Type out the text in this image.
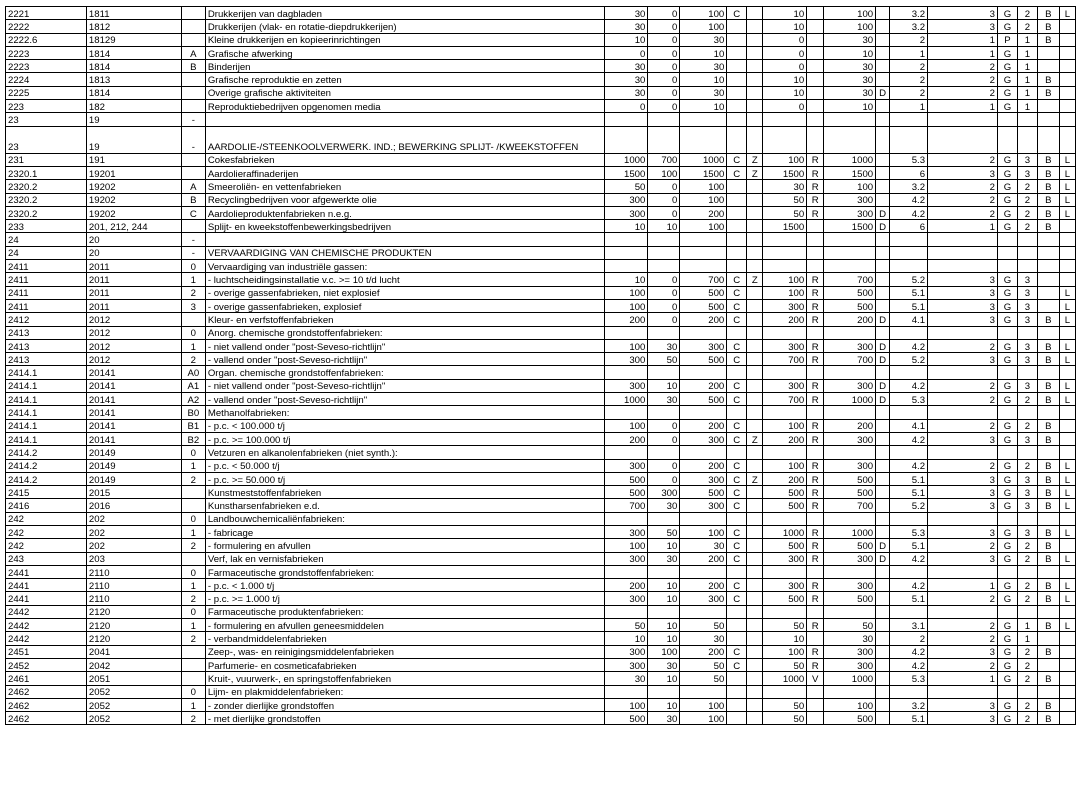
2221	1811		Drukkerijen van dagbladen	30	0	100	C		10		100		3.2	3	G	2	B	L
2222	1812		Drukkerijen (vlak- en rotatie-diepdrukkerijen)	30	0	100			10		100		3.2	3	G	2	B	
2222.6	18129		Kleine drukkerijen en kopieerinrichtingen	10	0	30			0		30		2	1	P	1	B	
2223	1814	A	Grafische afwerking	0	0	10			0		10		1	1	G	1		
2223	1814	B	Binderijen	30	0	30			0		30		2	2	G	1		
2224	1813		Grafische reproduktie en zetten	30	0	10			10		30		2	2	G	1	B	
2225	1814		Overige grafische aktiviteiten	30	0	30			10		30	D	2	2	G	1	B	
223	182		Reproduktiebedrijven opgenomen media	0	0	10			0		10		1	1	G	1		
23	19	-																
23	19	-	AARDOLIE-/STEENKOOLVERWERK. IND.; BEWERKING SPLIJT- /KWEEKSTOFFEN															
231	191		Cokesfabrieken	1000	700	1000	C	Z	100	R	1000		5.3	2	G	3	B	L
2320.1	19201		Aardolieraffinaderijen	1500	100	1500	C	Z	1500	R	1500		6	3	G	3	B	L
2320.2	19202	A	Smeeroliën- en vettenfabrieken	50	0	100			30	R	100		3.2	2	G	2	B	L
2320.2	19202	B	Recyclingbedrijven voor afgewerkte olie	300	0	100			50	R	300		4.2	2	G	2	B	L
2320.2	19202	C	Aardolieproduktenfabrieken n.e.g.	300	0	200			50	R	300	D	4.2	2	G	2	B	L
233	201, 212, 244		Splijt- en kweekstoffenbewerkingsbedrijven	10	10	100			1500		1500	D	6	1	G	2	B	
24	20	-																
24	20	-	VERVAARDIGING VAN CHEMISCHE PRODUKTEN															
2411	2011	0	Vervaardiging van industriële gassen:															
2411	2011	1	- luchtscheidingsinstallatie v.c. >= 10 t/d lucht	10	0	700	C	Z	100	R	700		5.2	3	G	3		
2411	2011	2	- overige gassenfabrieken, niet explosief	100	0	500	C		100	R	500		5.1	3	G	3		L
2411	2011	3	- overige gassenfabrieken, explosief	100	0	500	C		300	R	500		5.1	3	G	3		L
2412	2012		Kleur- en verfstoffenfabrieken	200	0	200	C		200	R	200	D	4.1	3	G	3	B	L
2413	2012	0	Anorg. chemische grondstoffenfabrieken:															
2413	2012	1	- niet vallend onder "post-Seveso-richtlijn"	100	30	300	C		300	R	300	D	4.2	2	G	3	B	L
2413	2012	2	- vallend onder "post-Seveso-richtlijn"	300	50	500	C		700	R	700	D	5.2	3	G	3	B	L
2414.1	20141	A0	Organ. chemische grondstoffenfabrieken:															
2414.1	20141	A1	- niet vallend onder "post-Seveso-richtlijn"	300	10	200	C		300	R	300	D	4.2	2	G	3	B	L
2414.1	20141	A2	- vallend onder "post-Seveso-richtlijn"	1000	30	500	C		700	R	1000	D	5.3	2	G	2	B	L
2414.1	20141	B0	Methanolfabrieken:															
2414.1	20141	B1	- p.c. < 100.000 t/j	100	0	200	C		100	R	200		4.1	2	G	2	B	
2414.1	20141	B2	- p.c. >= 100.000 t/j	200	0	300	C	Z	200	R	300		4.2	3	G	3	B	
2414.2	20149	0	Vetzuren en alkanolenfabrieken (niet synth.):															
2414.2	20149	1	- p.c. < 50.000 t/j	300	0	200	C		100	R	300		4.2	2	G	2	B	L
2414.2	20149	2	- p.c. >= 50.000 t/j	500	0	300	C	Z	200	R	500		5.1	3	G	3	B	L
2415	2015		Kunstmeststoffenfabrieken	500	300	500	C		500	R	500		5.1	3	G	3	B	L
2416	2016		Kunstharsenfabrieken e.d.	700	30	300	C		500	R	700		5.2	3	G	3	B	L
242	202	0	Landbouwchemicaliënfabrieken:															
242	202	1	- fabricage	300	50	100	C		1000	R	1000		5.3	3	G	3	B	L
242	202	2	- formulering en afvullen	100	10	30	C		500	R	500	D	5.1	2	G	2	B	
243	203		Verf, lak en vernisfabrieken	300	30	200	C		300	R	300	D	4.2	3	G	2	B	L
2441	2110	0	Farmaceutische grondstoffenfabrieken:															
2441	2110	1	- p.c. < 1.000 t/j	200	10	200	C		300	R	300		4.2	1	G	2	B	L
2441	2110	2	- p.c. >= 1.000 t/j	300	10	300	C		500	R	500		5.1	2	G	2	B	L
2442	2120	0	Farmaceutische produktenfabrieken:															
2442	2120	1	- formulering en afvullen geneesmiddelen	50	10	50			50	R	50		3.1	2	G	1	B	L
2442	2120	2	- verbandmiddelenfabrieken	10	10	30			10		30		2	2	G	1		
2451	2041		Zeep-, was- en reinigingsmiddelenfabrieken	300	100	200	C		100	R	300		4.2	3	G	2	B	
2452	2042		Parfumerie- en cosmeticafabrieken	300	30	50	C		50	R	300		4.2	2	G	2		
2461	2051		Kruit-, vuurwerk-, en springstoffenfabrieken	30	10	50			1000	V	1000		5.3	1	G	2	B	
2462	2052	0	Lijm- en plakmiddelenfabrieken:															
2462	2052	1	- zonder dierlijke grondstoffen	100	10	100			50		100		3.2	3	G	2	B	
2462	2052	2	- met dierlijke grondstoffen	500	30	100			50		500		5.1	3	G	2	B	
